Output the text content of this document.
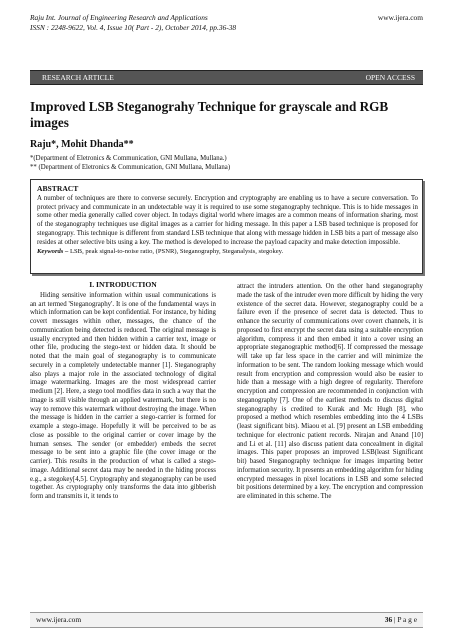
Raju Int. Journal of Engineering Research and Applications
ISSN : 2248-9622, Vol. 4, Issue 10( Part - 2), October 2014, pp.36-38
www.ijera.com
RESEARCH ARTICLE	OPEN ACCESS
Improved LSB Steganograhy Technique for grayscale and RGB images
Raju*, Mohit Dhanda**
*(Department of Eletronics & Communication, GNI Mullana, Mullana.)
** (Department of Eletronics & Communication, GNI Mullana, Mullana)
ABSTRACT
A number of techniques are there to converse securely. Encryption and cryptography are enabling us to have a secure conversation. To protect privacy and communicate in an undetectable way it is required to use some steganography technique. This is to hide messages in some other media generally called cover object. In todays digital world where images are a common means of information sharing, most of the steganography techniques use digital images as a carrier for hiding message. In this paper a LSB based technique is proposed for steganograpy. This technique is different from standard LSB technique that along with message hidden in LSB bits a part of message also resides at other selective bits using a key. The method is developed to increase the payload capacity and make detection impossible.
Keywords – LSB, peak signal-to-noise ratio, (PSNR), Steganography, Steganalysis, stegokey.
I. INTRODUCTION

Hiding sensitive information within usual communications is an art termed 'Steganography'. It is one of the fundamental ways in which information can be kept confidential. For instance, by hiding covert messages within other, messages, the chance of the communication being detected is reduced. The original message is usually encrypted and then hidden within a carrier text, image or other file, producing the stego-text or hidden data. It should be noted that the main goal of steganography is to communicate securely in a completely undetectable manner [1]. Steganography also plays a major role in the associated technology of digital image watermarking. Images are the most widespread carrier medium [2]. Here, a stego tool modifies data in such a way that the image is still visible through an applied watermark, but there is no way to remove this watermark without destroying the image. When the message is hidden in the carrier a stego-carrier is formed for example a stego-image. Hopefully it will be perceived to be as close as possible to the original carrier or cover image by the human senses. The sender (or embedder) embeds the secret message to be sent into a graphic file (the cover image or the carrier). This results in the production of what is called a stego-image. Additional secret data may be needed in the hiding process e.g., a stegokey[4,5]. Cryptography and steganography can be used together. As cryptography only transforms the data into gibberish form and transmits it, it tends to

attract the intruders attention. On the other hand steganography made the task of the intruder even more difficult by hiding the very existence of the secret data. However, steganography could be a failure even if the presence of secret data is detected. Thus to enhance the security of communications over covert channels, it is proposed to first encrypt the secret data using a suitable encryption algorithm, compress it and then embed it into a cover using an appropriate steganographic method[6]. If compressed the message will take up far less space in the carrier and will minimize the information to be sent. The random looking message which would result from encryption and compression would also be easier to hide than a message with a high degree of regularity. Therefore encryption and compression are recommended in conjunction with steganography [7]. One of the earliest methods to discuss digital steganography is credited to Kurak and Mc Hugh [8], who proposed a method which resembles embedding into the 4 LSBs (least significant bits). Miaou et al. [9] present an LSB embedding technique for electronic patient records. Nirajan and Anand [10] and Li et al. [11] also discuss patient data concealment in digital images. This paper proposes an improved LSB(least Significant bit) based Steganography technique for images imparting better information security. It presents an embedding algorithm for hiding encrypted messages in pixel locations in LSB and some selected bit positions determined by a key. The encryption and compression are eliminated in this scheme. The

www.ijera.com	36 | P a g e
